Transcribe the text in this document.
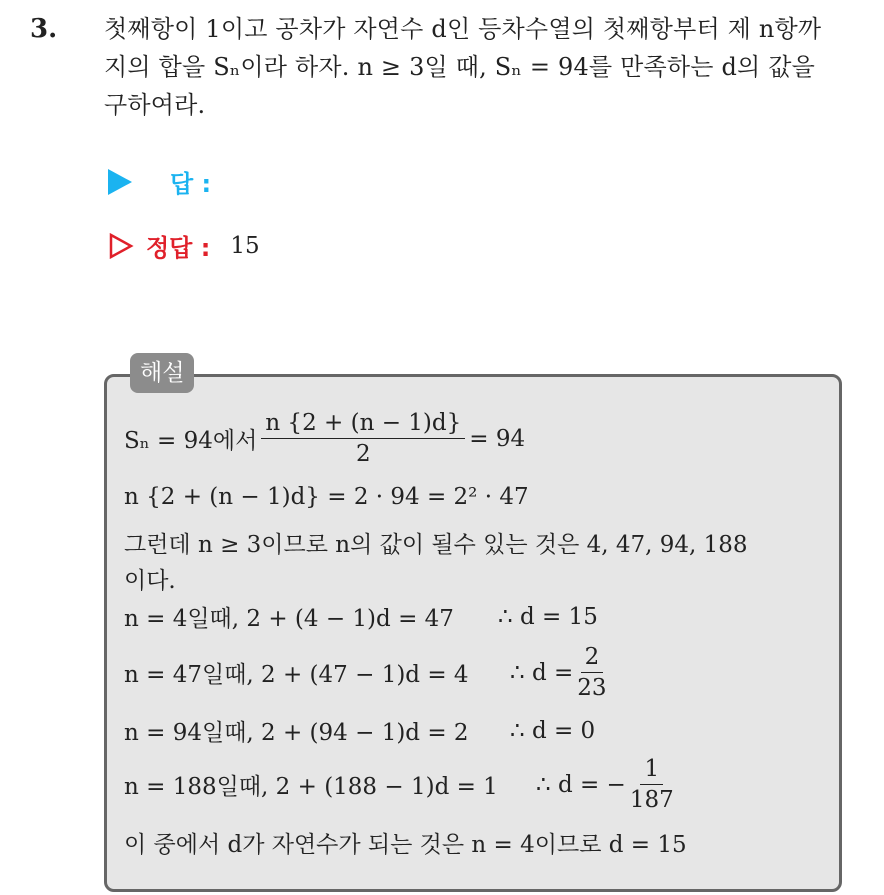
3. 첫째항이 1이고 공차가 자연수 d인 등차수열의 첫째항부터 제 n항까
지의 합을 Sₙ이라 하자. n ≥ 3일 때, Sₙ = 94를 만족하는 d의 값을
구하여라.
답 :
정답 : 15
해설
Sₙ = 94에서 $\frac{n \{2 + (n - 1)d\}}{2} = 94$
n {2 + (n − 1)d} = 2 · 94 = 2² · 47
그런데 n ≥ 3이므로 n의 값이 될수 있는 것은 4, 47, 94, 188
이다.
n = 4일때, 2 + (4 − 1)d = 47	∴ d = 15
n = 47일때, 2 + (47 − 1)d = 4	∴ $d = \frac{2}{23}$
n = 94일때, 2 + (94 − 1)d = 2	∴ d = 0
n = 188일때, 2 + (188 − 1)d = 1	∴ d = − $\frac{1}{187}$
이 중에서 d가 자연수가 되는 것은 n = 4이므로 d = 15
